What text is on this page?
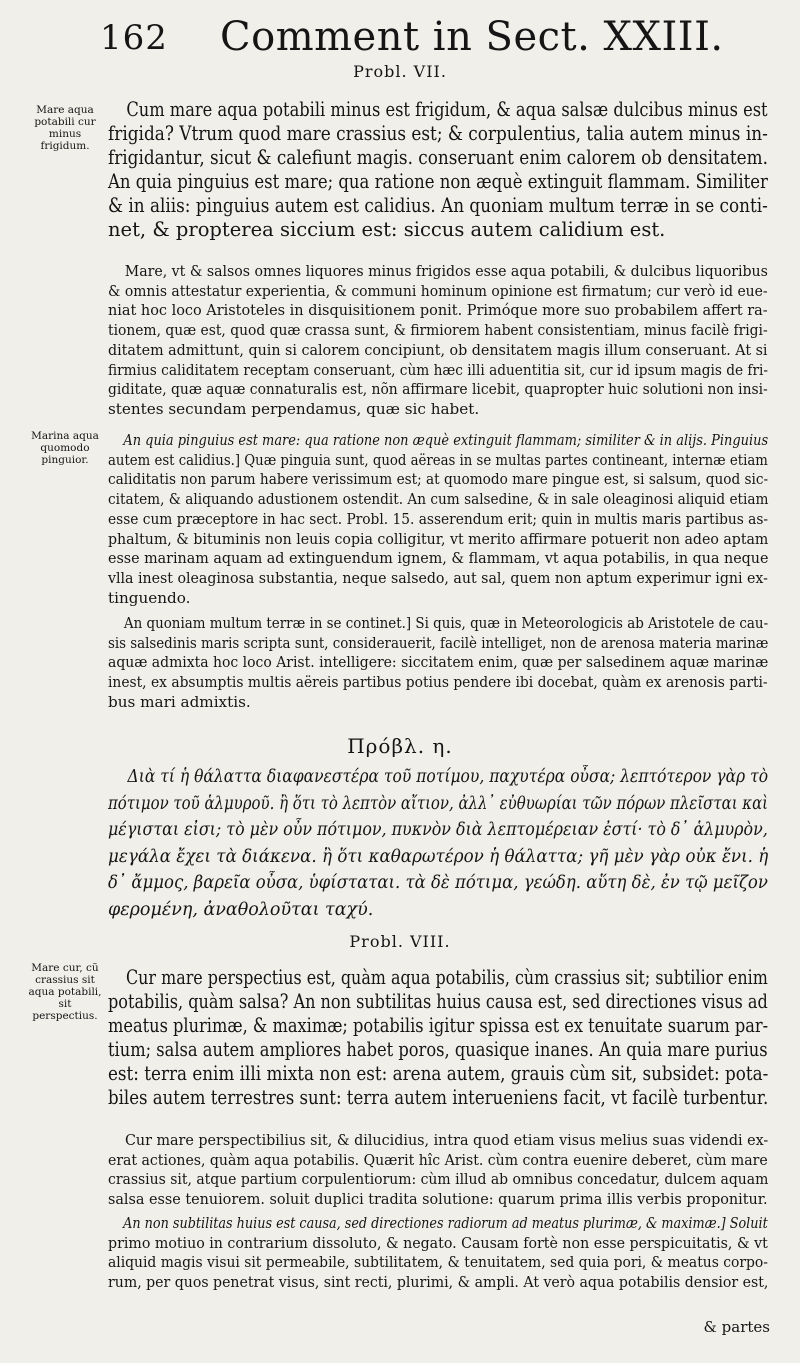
162 Comment in Sect. XXIII.
Probl. VII.
Mare aqua potabili cur minus frigidum.

Cum mare aqua potabili minus est frigidum, & aqua salsæ dulcibus minus est

frigida? Vtrum quod mare crassius est; & corpulentius, talia autem minus in-

frigidantur, sicut & calefiunt magis. conseruant enim calorem ob densitatem.

An quia pinguius est mare; qua ratione non æquè extinguit flammam. Similiter

& in aliis: pinguius autem est calidius. An quoniam multum terræ in se conti-

net, & propterea siccium est: siccus autem calidium est.

Mare, vt & salsos omnes liquores minus frigidos esse aqua potabili, & dulcibus liquoribus

& omnis attestatur experientia, & communi hominum opinione est firmatum; cur verò id eue-

niat hoc loco Aristoteles in disquisitionem ponit. Primóque more suo probabilem affert ra-

tionem, quæ est, quod quæ crassa sunt, & firmiorem habent consistentiam, minus facilè frigi-

ditatem admittunt, quin si calorem concipiunt, ob densitatem magis illum conseruant. At si

firmius caliditatem receptam conseruant, cùm hæc illi aduentitia sit, cur id ipsum magis de fri-

giditate, quæ aquæ connaturalis est, nõn affirmare licebit, quapropter huic solutioni non insi-

stentes secundam perpendamus, quæ sic habet.

Marina aqua quomodo pinguior.

An quia pinguius est mare: qua ratione non æquè extinguit flammam; similiter & in alijs. Pinguius

autem est calidius.] Quæ pinguia sunt, quod aëreas in se multas partes contineant, internæ etiam

caliditatis non parum habere verissimum est; at quomodo mare pingue est, si salsum, quod sic-

citatem, & aliquando adustionem ostendit. An cum salsedine, & in sale oleaginosi aliquid etiam

esse cum præceptore in hac sect. Probl. 15. asserendum erit; quin in multis maris partibus as-

phaltum, & bituminis non leuis copia colligitur, vt merito affirmare potuerit non adeo aptam

esse marinam aquam ad extinguendum ignem, & flammam, vt aqua potabilis, in qua neque

vlla inest oleaginosa substantia, neque salsedo, aut sal, quem non aptum experimur igni ex-

tinguendo.

An quoniam multum terræ in se continet.] Si quis, quæ in Meteorologicis ab Aristotele de cau-

sis salsedinis maris scripta sunt, considerauerit, facilè intelliget, non de arenosa materia marinæ

aquæ admixta hoc loco Arist. intelligere: siccitatem enim, quæ per salsedinem aquæ marinæ

inest, ex absumptis multis aëreis partibus potius pendere ibi docebat, quàm ex arenosis parti-

bus mari admixtis.

Πρόβλ. η.

Διὰ τί ἡ θάλαττα διαφανεστέρα τοῦ ποτίμου, παχυτέρα οὖσα; λεπτότερον γὰρ τὸ

πότιμον τοῦ ἁλμυροῦ. ἢ ὅτι τὸ λεπτὸν αἴτιον, ἀλλ᾽ εὐθυωρίαι τῶν πόρων πλεῖσται καὶ

μέγισται εἰσι; τὸ μὲν οὖν πότιμον, πυκνὸν διὰ λεπτομέρειαν ἐστί· τὸ δ᾽ ἁλμυρὸν,

μεγάλα ἔχει τὰ διάκενα. ἢ ὅτι καθαρωτέρον ἡ θάλαττα; γῆ μὲν γὰρ οὐκ ἔνι. ἡ

δ᾽ ἄμμος, βαρεῖα οὖσα, ὑφίσταται. τὰ δὲ πότιμα, γεώδη. αὕτη δὲ, ἐν τῷ μεῖζον

φερομένη, ἀναθολοῦται ταχύ.

Probl. VIII.
Mare cur, cũ crassius sit aqua potabili, sit perspectius.

Cur mare perspectius est, quàm aqua potabilis, cùm crassius sit; subtilior enim

potabilis, quàm salsa? An non subtilitas huius causa est, sed directiones visus ad

meatus plurimæ, & maximæ; potabilis igitur spissa est ex tenuitate suarum par-

tium; salsa autem ampliores habet poros, quasique inanes. An quia mare purius

est: terra enim illi mixta non est: arena autem, grauis cùm sit, subsidet: pota-

biles autem terrestres sunt: terra autem interueniens facit, vt facilè turbentur.

Cur mare perspectibilius sit, & dilucidius, intra quod etiam visus melius suas videndi ex-

erat actiones, quàm aqua potabilis. Quærit hîc Arist. cùm contra euenire deberet, cùm mare

crassius sit, atque partium corpulentiorum: cùm illud ab omnibus concedatur, dulcem aquam

salsa esse tenuiorem. soluit duplici tradita solutione: quarum prima illis verbis proponitur.

An non subtilitas huius est causa, sed directiones radiorum ad meatus plurimæ, & maximæ.] Soluit

primo motiuo in contrarium dissoluto, & negato. Causam fortè non esse perspicuitatis, & vt

aliquid magis visui sit permeabile, subtilitatem, & tenuitatem, sed quia pori, & meatus corpo-

rum, per quos penetrat visus, sint recti, plurimi, & ampli. At verò aqua potabilis densior est,

& partes
